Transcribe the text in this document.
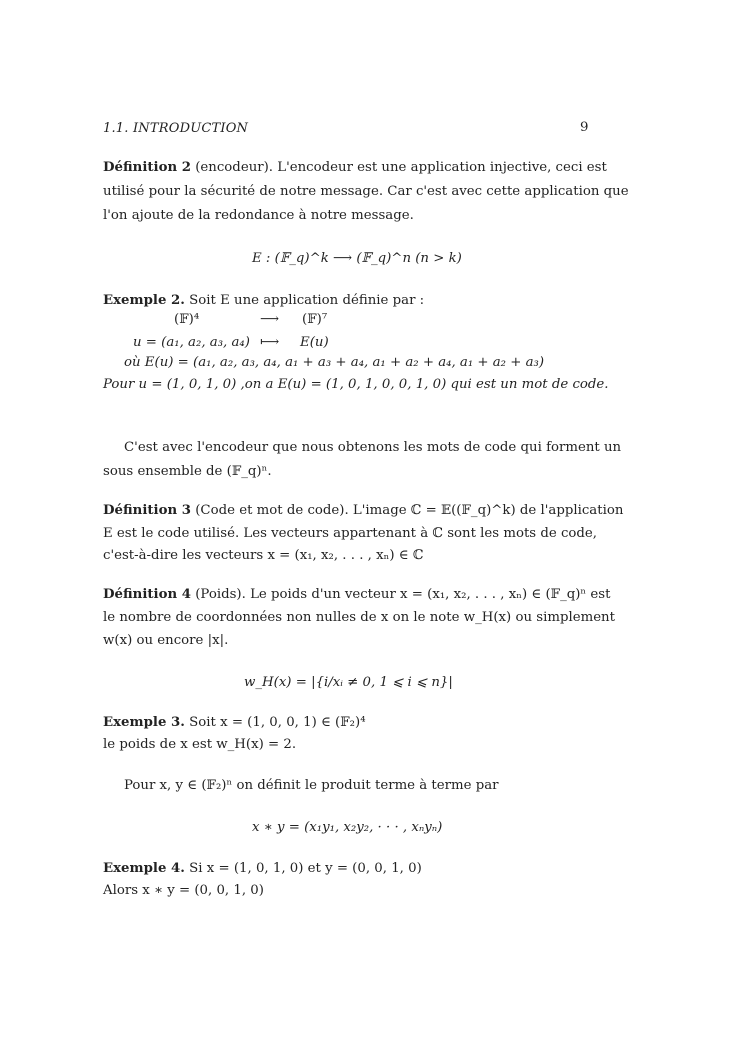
1.1. INTRODUCTION	9
Définition 2 (encodeur). L'encodeur est une application injective, ceci est
utilisé pour la sécurité de notre message. Car c'est avec cette application que
l'on ajoute de la redondance à notre message.
E : (𝔽_q)^k ⟶ (𝔽_q)^n (n > k)
Exemple 2. Soit E une application définie par :
(𝔽)⁴	⟶ (𝔽)⁷
u = (a₁, a₂, a₃, a₄) ⟼ E(u)
où E(u) = (a₁, a₂, a₃, a₄, a₁ + a₃ + a₄, a₁ + a₂ + a₄, a₁ + a₂ + a₃)
Pour u = (1, 0, 1, 0) ,on a E(u) = (1, 0, 1, 0, 0, 1, 0) qui est un mot de code.
C'est avec l'encodeur que nous obtenons les mots de code qui forment un
sous ensemble de (𝔽_q)ⁿ.
Définition 3 (Code et mot de code). L'image ℂ = 𝔼((𝔽_q)^k) de l'application
E est le code utilisé. Les vecteurs appartenant à ℂ sont les mots de code,
c'est-à-dire les vecteurs x = (x₁, x₂, . . . , xₙ) ∈ ℂ
Définition 4 (Poids). Le poids d'un vecteur x = (x₁, x₂, . . . , xₙ) ∈ (𝔽_q)ⁿ est
le nombre de coordonnées non nulles de x on le note w_H(x) ou simplement
w(x) ou encore |x|.
w_H(x) = |{i/xᵢ ≠ 0, 1 ⩽ i ⩽ n}|
Exemple 3. Soit x = (1, 0, 0, 1) ∈ (𝔽₂)⁴
le poids de x est w_H(x) = 2.
Pour x, y ∈ (𝔽₂)ⁿ on définit le produit terme à terme par
x ∗ y = (x₁y₁, x₂y₂, · · · , xₙyₙ)
Exemple 4. Si x = (1, 0, 1, 0) et y = (0, 0, 1, 0)
Alors x ∗ y = (0, 0, 1, 0)
